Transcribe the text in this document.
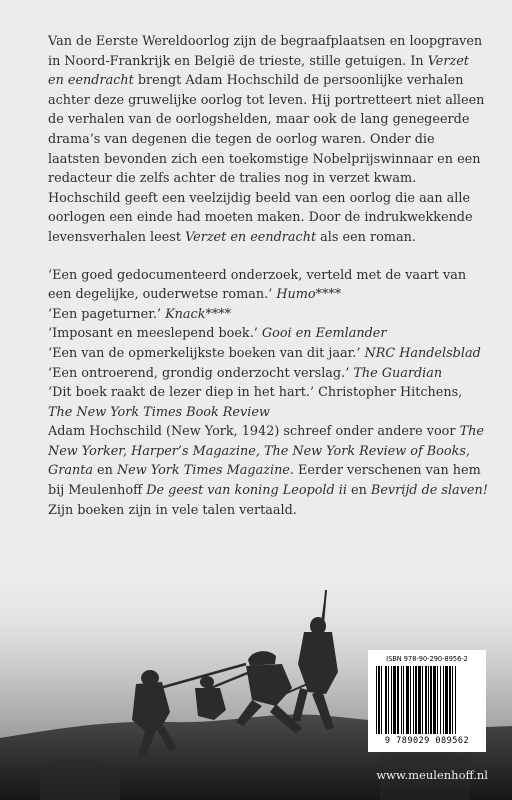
Van de Eerste Wereldoorlog zijn de begraafplaatsen en loopgraven in Noord-Frankrijk en België de trieste, stille getuigen. In Verzet en eendracht brengt Adam Hochschild de persoonlijke verhalen achter deze gruwelijke oorlog tot leven. Hij portretteert niet alleen de verhalen van de oorlogshelden, maar ook de lang genegeerde drama’s van degenen die tegen de oorlog waren. Onder die laatsten bevonden zich een toekomstige Nobelprijswinnaar en een redacteur die zelfs achter de tralies nog in verzet kwam.

Hochschild geeft een veelzijdig beeld van een oorlog die aan alle oorlogen een einde had moeten maken. Door de indrukwekkende levensverhalen leest Verzet en eendracht als een roman.

‘Een goed gedocumenteerd onderzoek, verteld met de vaart van een degelijke, ouderwetse roman.’ Humo****

‘Een pageturner.’ Knack****

‘Imposant en meeslepend boek.’ Gooi en Eemlander

‘Een van de opmerkelijkste boeken van dit jaar.’ NRC Handelsblad

‘Een ontroerend, grondig onderzocht verslag.’ The Guardian

‘Dit boek raakt de lezer diep in het hart.’ Christopher Hitchens, The New York Times Book Review

Adam Hochschild (New York, 1942) schreef onder andere voor The New Yorker, Harper’s Magazine, The New York Review of Books, Granta en New York Times Magazine. Eerder verschenen van hem bij Meulenhoff De geest van koning Leopold ii en Bevrijd de slaven! Zijn boeken zijn in vele talen vertaald.

ISBN 978-90-290-8956-2
9 789029 089562
www.meulenhoff.nl
